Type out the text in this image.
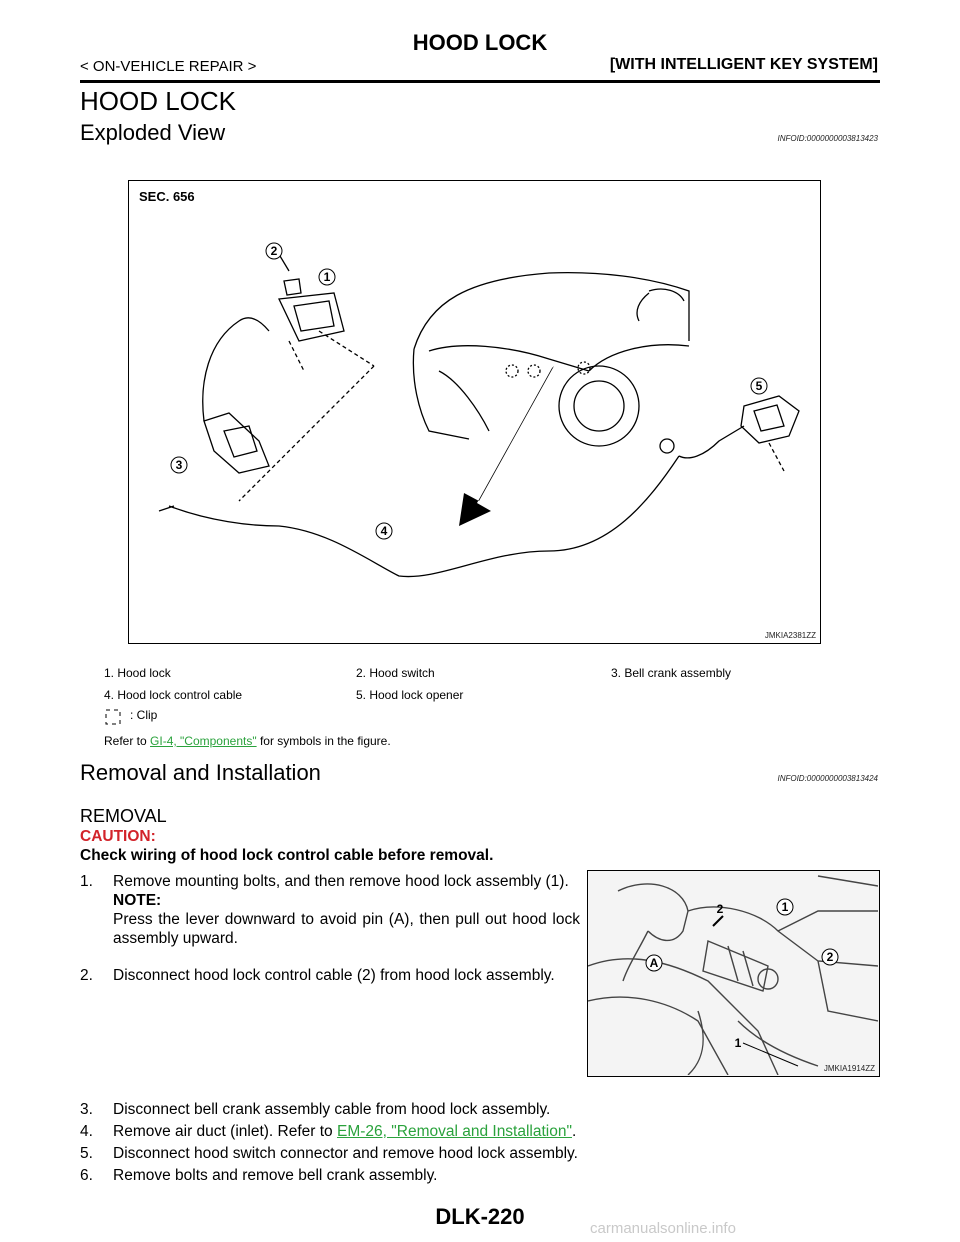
HOOD LOCK
< ON-VEHICLE REPAIR >	[WITH INTELLIGENT KEY SYSTEM]
HOOD LOCK
Exploded View	INFOID:0000000003813423
SEC. 656
2
1
3
4
5
JMKIA2381ZZ
1. Hood lock	2. Hood switch	3. Bell crank assembly
4. Hood lock control cable	5. Hood lock opener
: Clip
Refer to GI-4, "Components" for symbols in the figure.
Removal and Installation	INFOID:0000000003813424
REMOVAL
CAUTION:
Check wiring of hood lock control cable before removal.
1. Remove mounting bolts, and then remove hood lock assembly (1).
NOTE:
Press the lever downward to avoid pin (A), then pull out hood lock assembly upward.
2. Disconnect hood lock control cable (2) from hood lock assembly.
2	1
2
A
1
JMKIA1914ZZ
3. Disconnect bell crank assembly cable from hood lock assembly.
4. Remove air duct (inlet). Refer to EM-26, "Removal and Installation".
5. Disconnect hood switch connector and remove hood lock assembly.
6. Remove bolts and remove bell crank assembly.
DLK-220	carmanualsonline.info
